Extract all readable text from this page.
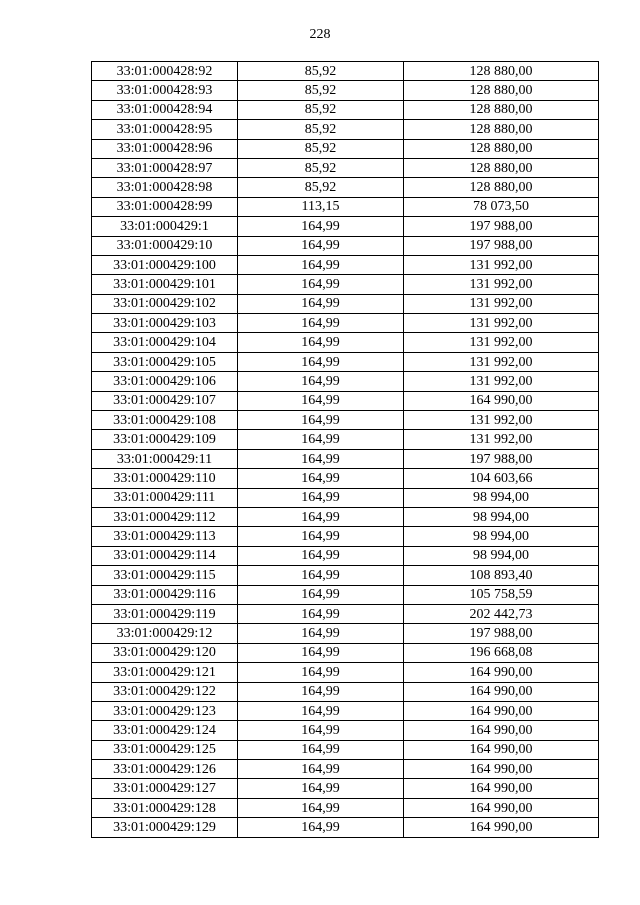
228
33:01:000428:92	85,92	128 880,00
33:01:000428:93	85,92	128 880,00
33:01:000428:94	85,92	128 880,00
33:01:000428:95	85,92	128 880,00
33:01:000428:96	85,92	128 880,00
33:01:000428:97	85,92	128 880,00
33:01:000428:98	85,92	128 880,00
33:01:000428:99	113,15	78 073,50
33:01:000429:1	164,99	197 988,00
33:01:000429:10	164,99	197 988,00
33:01:000429:100	164,99	131 992,00
33:01:000429:101	164,99	131 992,00
33:01:000429:102	164,99	131 992,00
33:01:000429:103	164,99	131 992,00
33:01:000429:104	164,99	131 992,00
33:01:000429:105	164,99	131 992,00
33:01:000429:106	164,99	131 992,00
33:01:000429:107	164,99	164 990,00
33:01:000429:108	164,99	131 992,00
33:01:000429:109	164,99	131 992,00
33:01:000429:11	164,99	197 988,00
33:01:000429:110	164,99	104 603,66
33:01:000429:111	164,99	98 994,00
33:01:000429:112	164,99	98 994,00
33:01:000429:113	164,99	98 994,00
33:01:000429:114	164,99	98 994,00
33:01:000429:115	164,99	108 893,40
33:01:000429:116	164,99	105 758,59
33:01:000429:119	164,99	202 442,73
33:01:000429:12	164,99	197 988,00
33:01:000429:120	164,99	196 668,08
33:01:000429:121	164,99	164 990,00
33:01:000429:122	164,99	164 990,00
33:01:000429:123	164,99	164 990,00
33:01:000429:124	164,99	164 990,00
33:01:000429:125	164,99	164 990,00
33:01:000429:126	164,99	164 990,00
33:01:000429:127	164,99	164 990,00
33:01:000429:128	164,99	164 990,00
33:01:000429:129	164,99	164 990,00
